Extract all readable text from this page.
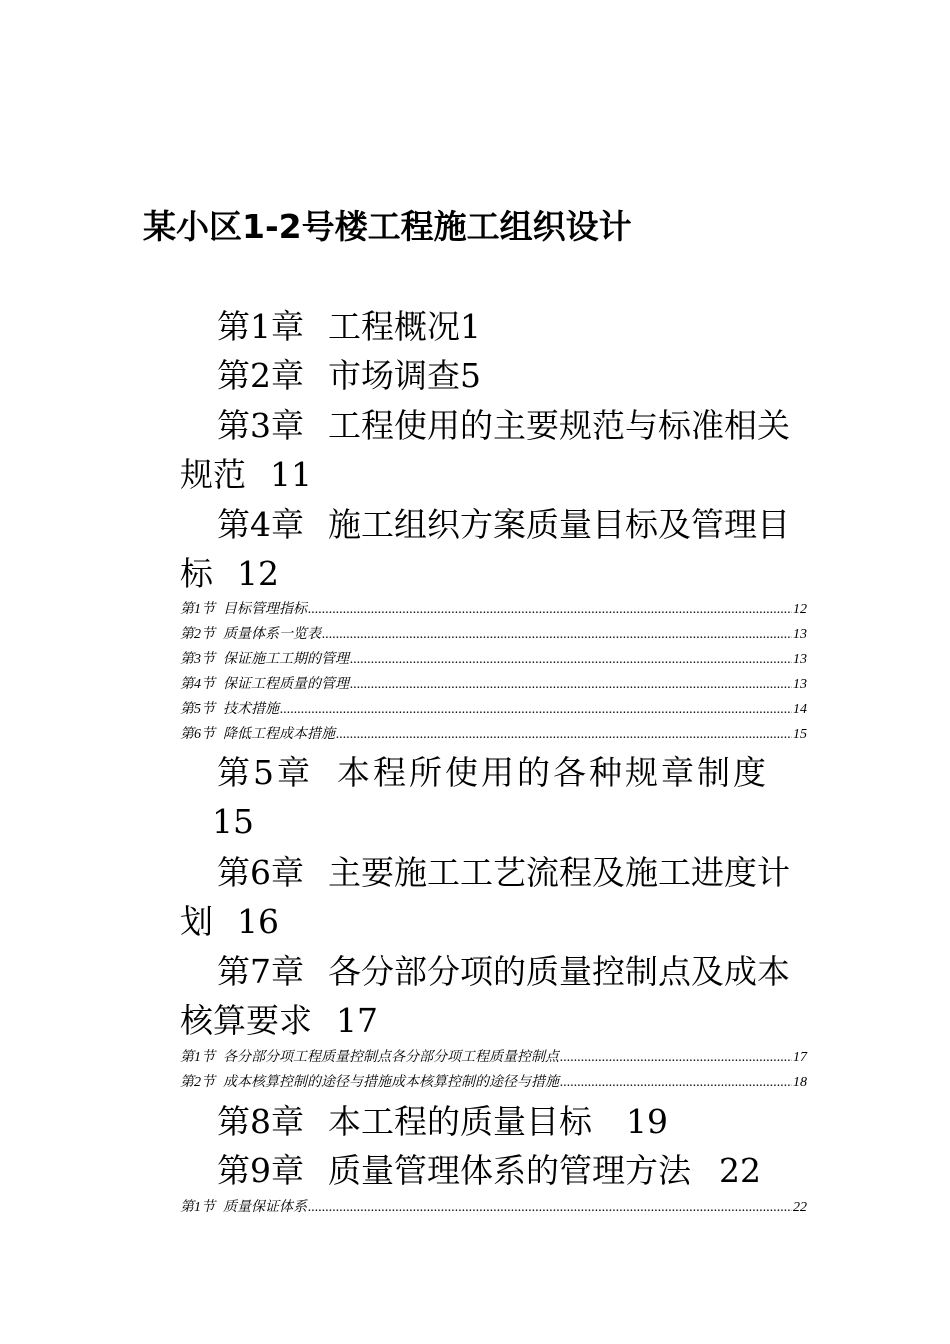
某小区1-2号楼工程施工组织设计

第1章 工程概况1

第2章 市场调查5

第3章 工程使用的主要规范与标准相关规范 11

第4章 施工组织方案质量目标及管理目标 12

第1节 目标管理指标 .....	12
第2节 质量体系一览表 .....	13
第3节 保证施工工期的管理 .....	13
第4节 保证工程质量的管理 .....	13
第5节 技术措施 .....	14
第6节 降低工程成本措施 .....	15

第5章 本程所使用的各种规章制度

15

第6章 主要施工工艺流程及施工进度计划 16

第7章 各分部分项的质量控制点及成本核算要求 17

第1节 各分部分项工程质量控制点各分部分项工程质量控制点 .....	17
第2节 成本核算控制的途径与措施成本核算控制的途径与措施 .....	18

第8章 本工程的质量目标 19

第9章 质量管理体系的管理方法 22

第1节 质量保证体系 .....	22
